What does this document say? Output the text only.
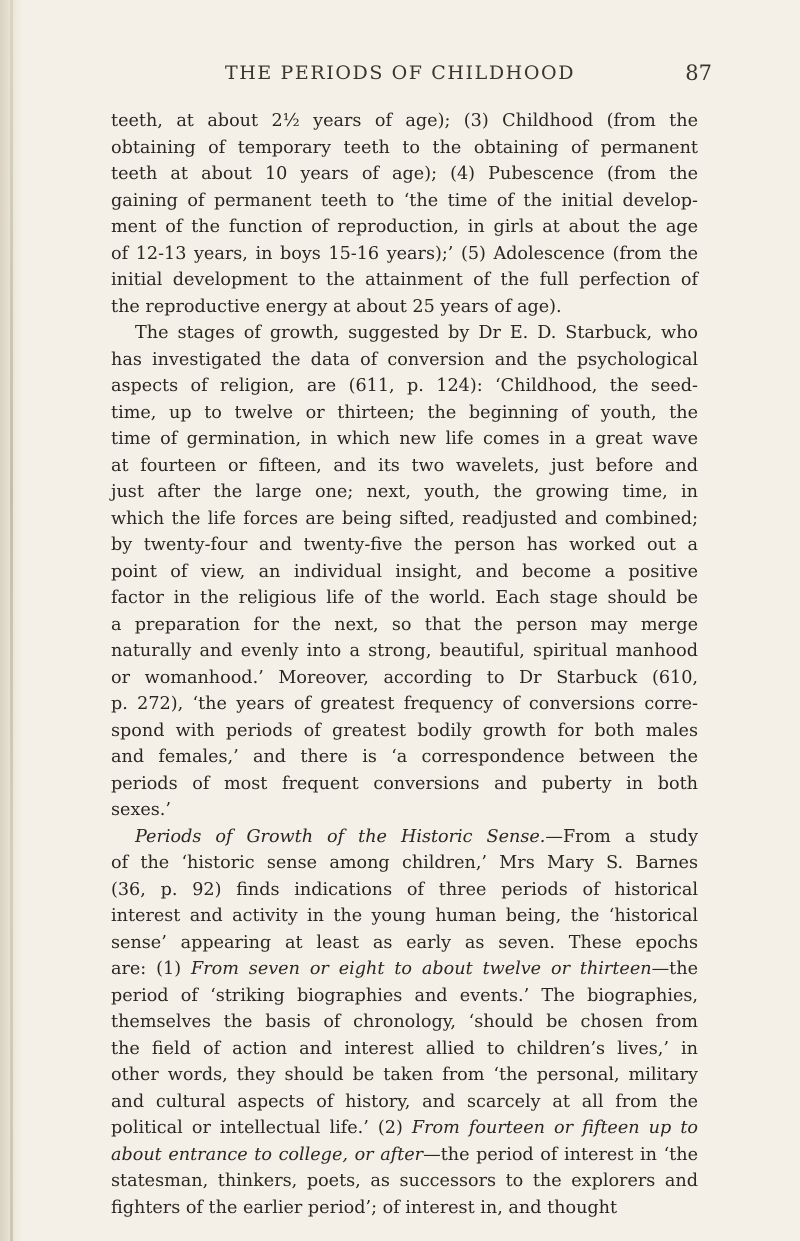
THE PERIODS OF CHILDHOOD	87
teeth, at about 2½ years of age); (3) Childhood (from the
obtaining of temporary teeth to the obtaining of permanent
teeth at about 10 years of age); (4) Pubescence (from the
gaining of permanent teeth to ‘the time of the initial develop-
ment of the function of reproduction, in girls at about the age
of 12-13 years, in boys 15-16 years);’ (5) Adolescence (from the
initial development to the attainment of the full perfection of
the reproductive energy at about 25 years of age).
The stages of growth, suggested by Dr E. D. Starbuck, who
has investigated the data of conversion and the psychological
aspects of religion, are (611, p. 124): ‘Childhood, the seed-
time, up to twelve or thirteen; the beginning of youth, the
time of germination, in which new life comes in a great wave
at fourteen or fifteen, and its two wavelets, just before and
just after the large one; next, youth, the growing time, in
which the life forces are being sifted, readjusted and combined;
by twenty-four and twenty-five the person has worked out a
point of view, an individual insight, and become a positive
factor in the religious life of the world. Each stage should be
a preparation for the next, so that the person may merge
naturally and evenly into a strong, beautiful, spiritual manhood
or womanhood.’ Moreover, according to Dr Starbuck (610,
p. 272), ‘the years of greatest frequency of conversions corre-
spond with periods of greatest bodily growth for both males
and females,’ and there is ‘a correspondence between the
periods of most frequent conversions and puberty in both
sexes.’
Periods of Growth of the Historic Sense.—From a study
of the ‘historic sense among children,’ Mrs Mary S. Barnes
(36, p. 92) finds indications of three periods of historical
interest and activity in the young human being, the ‘historical
sense’ appearing at least as early as seven. These epochs
are: (1) From seven or eight to about twelve or thirteen—the
period of ‘striking biographies and events.’ The biographies,
themselves the basis of chronology, ‘should be chosen from
the field of action and interest allied to children’s lives,’ in
other words, they should be taken from ‘the personal, military
and cultural aspects of history, and scarcely at all from the
political or intellectual life.’ (2) From fourteen or fifteen up to
about entrance to college, or after—the period of interest in ‘the
statesman, thinkers, poets, as successors to the explorers and
fighters of the earlier period’; of interest in, and thought
